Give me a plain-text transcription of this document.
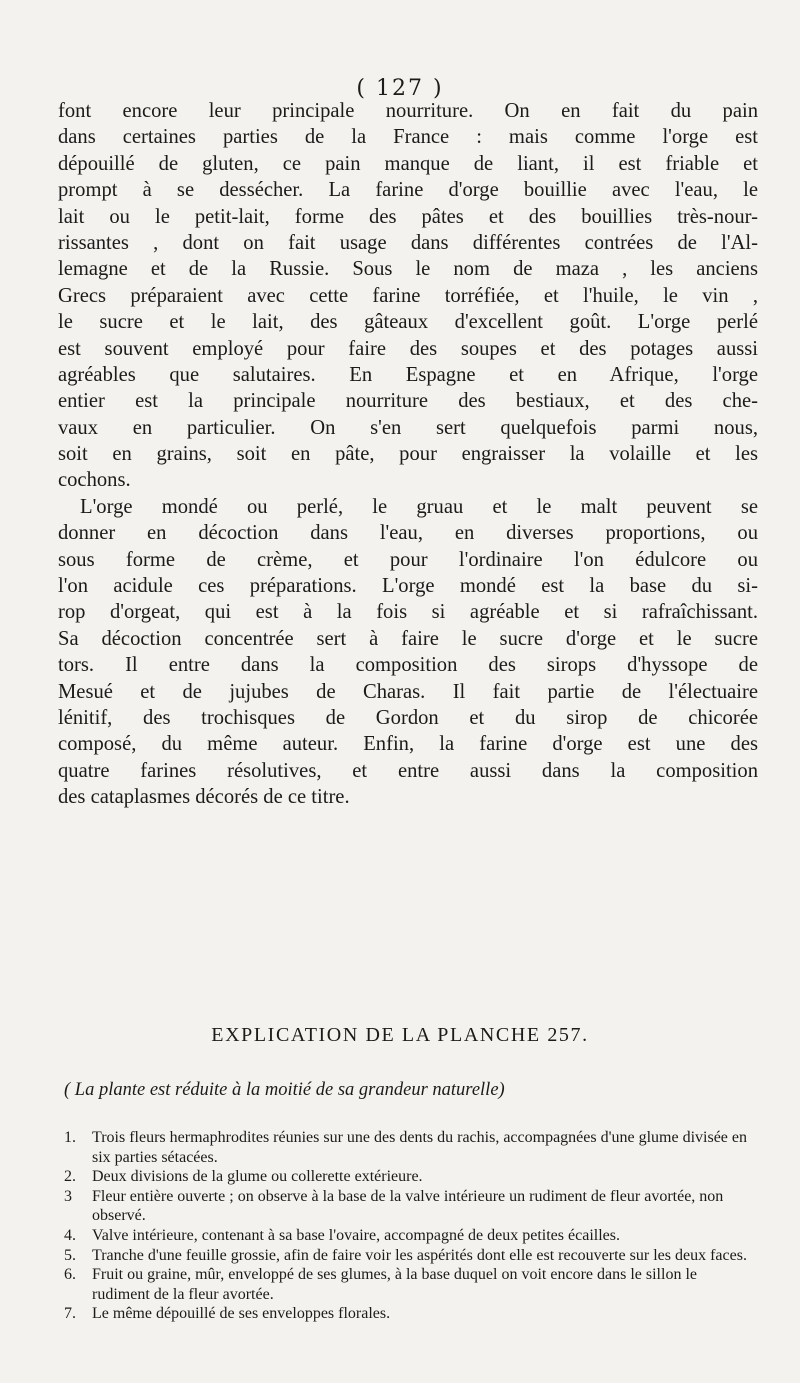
( 127 )
font encore leur principale nourriture. On en fait du pain
dans certaines parties de la France : mais comme l'orge est
dépouillé de gluten, ce pain manque de liant, il est friable et
prompt à se dessécher. La farine d'orge bouillie avec l'eau, le
lait ou le petit-lait, forme des pâtes et des bouillies très-nour-
rissantes , dont on fait usage dans différentes contrées de l'Al-
lemagne et de la Russie. Sous le nom de maza , les anciens
Grecs préparaient avec cette farine torréfiée, et l'huile, le vin ,
le sucre et le lait, des gâteaux d'excellent goût. L'orge perlé
est souvent employé pour faire des soupes et des potages aussi
agréables que salutaires. En Espagne et en Afrique, l'orge
entier est la principale nourriture des bestiaux, et des che-
vaux en particulier. On s'en sert quelquefois parmi nous,
soit en grains, soit en pâte, pour engraisser la volaille et les
cochons.
L'orge mondé ou perlé, le gruau et le malt peuvent se
donner en décoction dans l'eau, en diverses proportions, ou
sous forme de crème, et pour l'ordinaire l'on édulcore ou
l'on acidule ces préparations. L'orge mondé est la base du si-
rop d'orgeat, qui est à la fois si agréable et si rafraîchissant.
Sa décoction concentrée sert à faire le sucre d'orge et le sucre
tors. Il entre dans la composition des sirops d'hyssope de
Mesué et de jujubes de Charas. Il fait partie de l'électuaire
lénitif, des trochisques de Gordon et du sirop de chicorée
composé, du même auteur. Enfin, la farine d'orge est une des
quatre farines résolutives, et entre aussi dans la composition
des cataplasmes décorés de ce titre.
EXPLICATION DE LA PLANCHE 257.
( La plante est réduite à la moitié de sa grandeur naturelle)
1. Trois fleurs hermaphrodites réunies sur une des dents du rachis, accompagnées d'une glume divisée en six parties sétacées.
2. Deux divisions de la glume ou collerette extérieure.
3 Fleur entière ouverte ; on observe à la base de la valve intérieure un rudiment de fleur avortée, non observé.
4. Valve intérieure, contenant à sa base l'ovaire, accompagné de deux petites écailles.
5. Tranche d'une feuille grossie, afin de faire voir les aspérités dont elle est recouverte sur les deux faces.
6. Fruit ou graine, mûr, enveloppé de ses glumes, à la base duquel on voit encore dans le sillon le rudiment de la fleur avortée.
7. Le même dépouillé de ses enveloppes florales.
